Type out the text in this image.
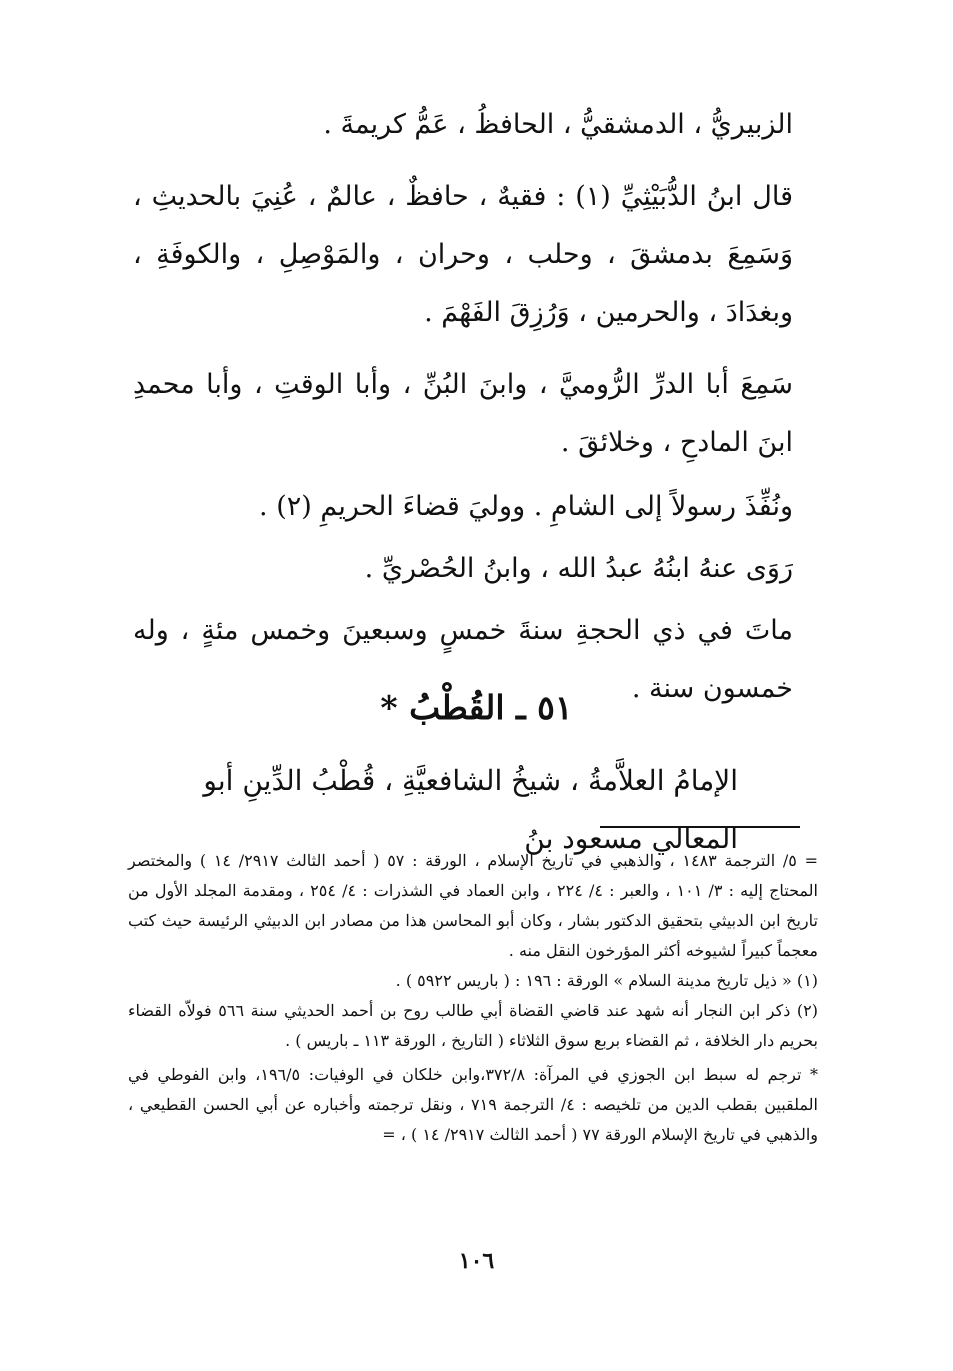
الزبيريُّ ، الدمشقيُّ ، الحافظُ ، عَمُّ كريمةَ .

قال ابنُ الدُّبَيْثِيِّ (١) : فقيهٌ ، حافظٌ ، عالمٌ ، عُنِيَ بالحديثِ ، وَسَمِعَ بدمشقَ ، وحلب ، وحران ، والمَوْصِلِ ، والكوفَةِ ، وبغدَادَ ، والحرمين ، وَرُزِقَ الفَهْمَ .

سَمِعَ أبا الدرِّ الرُّوميَّ ، وابنَ البُنِّ ، وأبا الوقتِ ، وأبا محمدِ ابنَ المادحِ ، وخلائقَ .

ونُفِّذَ رسولاً إلى الشامِ . ووليَ قضاءَ الحريمِ (٢) .

رَوَى عنهُ ابنُهُ عبدُ الله ، وابنُ الحُصْريِّ .

ماتَ في ذي الحجةِ سنةَ خمسٍ وسبعينَ وخمس مئةٍ ، وله خمسون سنة .

٥١ ـ القُطْبُ *
الإمامُ العلاَّمةُ ، شيخُ الشافعيَّةِ ، قُطْبُ الدِّينِ أبو المعالي مسعود بنُ

= ٥/ الترجمة ١٤٨٣ ، والذهبي في تاريخ الإسلام ، الورقة : ٥٧ ( أحمد الثالث ٢٩١٧/ ١٤ ) والمختصر المحتاج إليه : ٣/ ١٠١ ، والعبر : ٤/ ٢٢٤ ، وابن العماد في الشذرات : ٤/ ٢٥٤ ، ومقدمة المجلد الأول من تاريخ ابن الدبيثي بتحقيق الدكتور بشار ، وكان أبو المحاسن هذا من مصادر ابن الدبيثي الرئيسة حيث كتب معجماً كبيراً لشيوخه أكثر المؤرخون النقل منه .

(١) « ذيل تاريخ مدينة السلام » الورقة : ١٩٦ : ( باريس ٥٩٢٢ ) .

(٢) ذكر ابن النجار أنه شهد عند قاضي القضاة أبي طالب روح بن أحمد الحديثي سنة ٥٦٦ فولاّه القضاء بحريم دار الخلافة ، ثم القضاء بربع سوق الثلاثاء ( التاريخ ، الورقة ١١٣ ـ باريس ) .

* ترجم له سبط ابن الجوزي في المرآة: ٣٧٢/٨،وابن خلكان في الوفيات: ١٩٦/٥، وابن الفوطي في الملقبين بقطب الدين من تلخيصه : ٤/ الترجمة ٧١٩ ، ونقل ترجمته وأخباره عن أبي الحسن القطيعي ، والذهبي في تاريخ الإسلام الورقة ٧٧ ( أحمد الثالث ٢٩١٧/ ١٤ ) ، =

١٠٦
